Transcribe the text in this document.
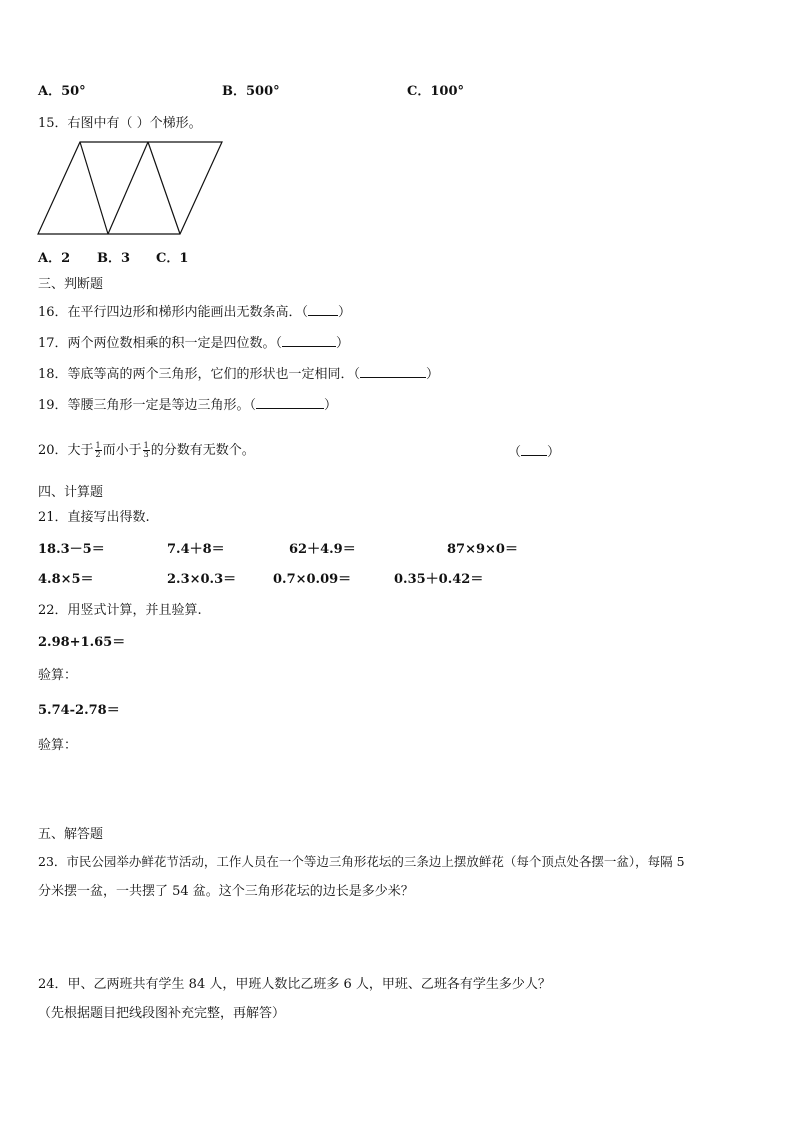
A．50°	B．500°	C．100°
15．右图中有（ ）个梯形。
A．2 B．3 C．1
三、判断题
16．在平行四边形和梯形内能画出无数条高．（ ）
17．两个两位数相乘的积一定是四位数。（	）
18．等底等高的两个三角形，它们的形状也一定相同．（	）
19．等腰三角形一定是等边三角形。（	）
20．大于 $\frac{1}{2}$ 而小于 $\frac{1}{3}$ 的分数有无数个。	（ ）
四、计算题
21．直接写出得数.
18.3－5＝	7.4＋8＝	62＋4.9＝	87×9×0＝
4.8×5＝	2.3×0.3＝	0.7×0.09＝	0.35＋0.42＝
22．用竖式计算，并且验算.
2.98+1.65＝
验算：
5.74-2.78＝
验算：
五、解答题
23．市民公园举办鲜花节活动，工作人员在一个等边三角形花坛的三条边上摆放鲜花（每个顶点处各摆一盆），每隔 5
分米摆一盆，一共摆了 54 盆。这个三角形花坛的边长是多少米？
24．甲、乙两班共有学生 84 人，甲班人数比乙班多 6 人，甲班、乙班各有学生多少人？
（先根据题目把线段图补充完整，再解答）
